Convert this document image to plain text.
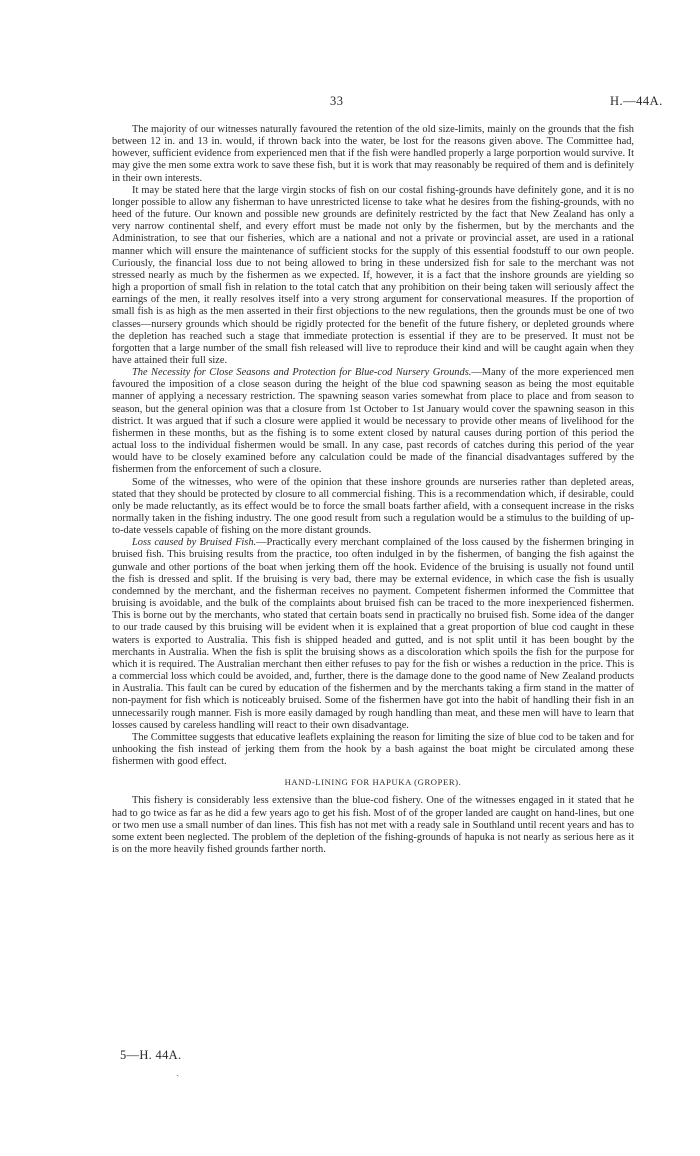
33	H.—44A.

The majority of our witnesses naturally favoured the retention of the old size-limits, mainly on the grounds that the fish between 12 in. and 13 in. would, if thrown back into the water, be lost for the reasons given above. The Committee had, however, sufficient evidence from experienced men that if the fish were handled properly a large porportion would survive. It may give the men some extra work to save these fish, but it is work that may reasonably be required of them and is definitely in their own interests.

It may be stated here that the large virgin stocks of fish on our costal fishing-grounds have definitely gone, and it is no longer possible to allow any fisherman to have unrestricted license to take what he desires from the fishing-grounds, with no heed of the future. Our known and possible new grounds are definitely restricted by the fact that New Zealand has only a very narrow continental shelf, and every effort must be made not only by the fishermen, but by the merchants and the Administration, to see that our fisheries, which are a national and not a private or provincial asset, are used in a rational manner which will ensure the maintenance of sufficient stocks for the supply of this essential foodstuff to our own people. Curiously, the financial loss due to not being allowed to bring in these undersized fish for sale to the merchant was not stressed nearly as much by the fishermen as we expected. If, however, it is a fact that the inshore grounds are yielding so high a proportion of small fish in relation to the total catch that any prohibition on their being taken will seriously affect the earnings of the men, it really resolves itself into a very strong argument for conservational measures. If the proportion of small fish is as high as the men asserted in their first objections to the new regulations, then the grounds must be one of two classes—nursery grounds which should be rigidly protected for the benefit of the future fishery, or depleted grounds where the depletion has reached such a stage that immediate protection is essential if they are to be preserved. It must not be forgotten that a large number of the small fish released will live to reproduce their kind and will be caught again when they have attained their full size.

The Necessity for Close Seasons and Protection for Blue-cod Nursery Grounds.—Many of the more experienced men favoured the imposition of a close season during the height of the blue cod spawning season as being the most equitable manner of applying a necessary restriction. The spawning season varies somewhat from place to place and from season to season, but the general opinion was that a closure from 1st October to 1st January would cover the spawning season in this district. It was argued that if such a closure were applied it would be necessary to provide other means of livelihood for the fishermen in these months, but as the fishing is to some extent closed by natural causes during portion of this period the actual loss to the individual fishermen would be small. In any case, past records of catches during this period of the year would have to be closely examined before any calculation could be made of the financial disadvantages suffered by the fishermen from the enforcement of such a closure.

Some of the witnesses, who were of the opinion that these inshore grounds are nurseries rather than depleted areas, stated that they should be protected by closure to all commercial fishing. This is a recommendation which, if desirable, could only be made reluctantly, as its effect would be to force the small boats farther afield, with a consequent increase in the risks normally taken in the fishing industry. The one good result from such a regulation would be a stimulus to the building of up-to-date vessels capable of fishing on the more distant grounds.

Loss caused by Bruised Fish.—Practically every merchant complained of the loss caused by the fishermen bringing in bruised fish. This bruising results from the practice, too often indulged in by the fishermen, of banging the fish against the gunwale and other portions of the boat when jerking them off the hook. Evidence of the bruising is usually not found until the fish is dressed and split. If the bruising is very bad, there may be external evidence, in which case the fish is usually condemned by the merchant, and the fisherman receives no payment. Competent fishermen informed the Committee that bruising is avoidable, and the bulk of the complaints about bruised fish can be traced to the more inexperienced fishermen. This is borne out by the merchants, who stated that certain boats send in practically no bruised fish. Some idea of the danger to our trade caused by this bruising will be evident when it is explained that a great proportion of blue cod caught in these waters is exported to Australia. This fish is shipped headed and gutted, and is not split until it has been bought by the merchants in Australia. When the fish is split the bruising shows as a discoloration which spoils the fish for the purpose for which it is required. The Australian merchant then either refuses to pay for the fish or wishes a reduction in the price. This is a commercial loss which could be avoided, and, further, there is the damage done to the good name of New Zealand products in Australia. This fault can be cured by education of the fishermen and by the merchants taking a firm stand in the matter of non-payment for fish which is noticeably bruised. Some of the fishermen have got into the habit of handling their fish in an unnecessarily rough manner. Fish is more easily damaged by rough handling than meat, and these men will have to learn that losses caused by careless handling will react to their own disadvantage.

The Committee suggests that educative leaflets explaining the reason for limiting the size of blue cod to be taken and for unhooking the fish instead of jerking them from the hook by a bash against the boat might be circulated among these fishermen with good effect.

HAND-LINING FOR HAPUKA (GROPER).

This fishery is considerably less extensive than the blue-cod fishery. One of the witnesses engaged in it stated that he had to go twice as far as he did a few years ago to get his fish. Most of of the groper landed are caught on hand-lines, but one or two men use a small number of dan lines. This fish has not met with a ready sale in Southland until recent years and has to some extent been neglected. The problem of the depletion of the fishing-grounds of hapuka is not nearly as serious here as it is on the more heavily fished grounds farther north.

5—H. 44A.
ˎ
